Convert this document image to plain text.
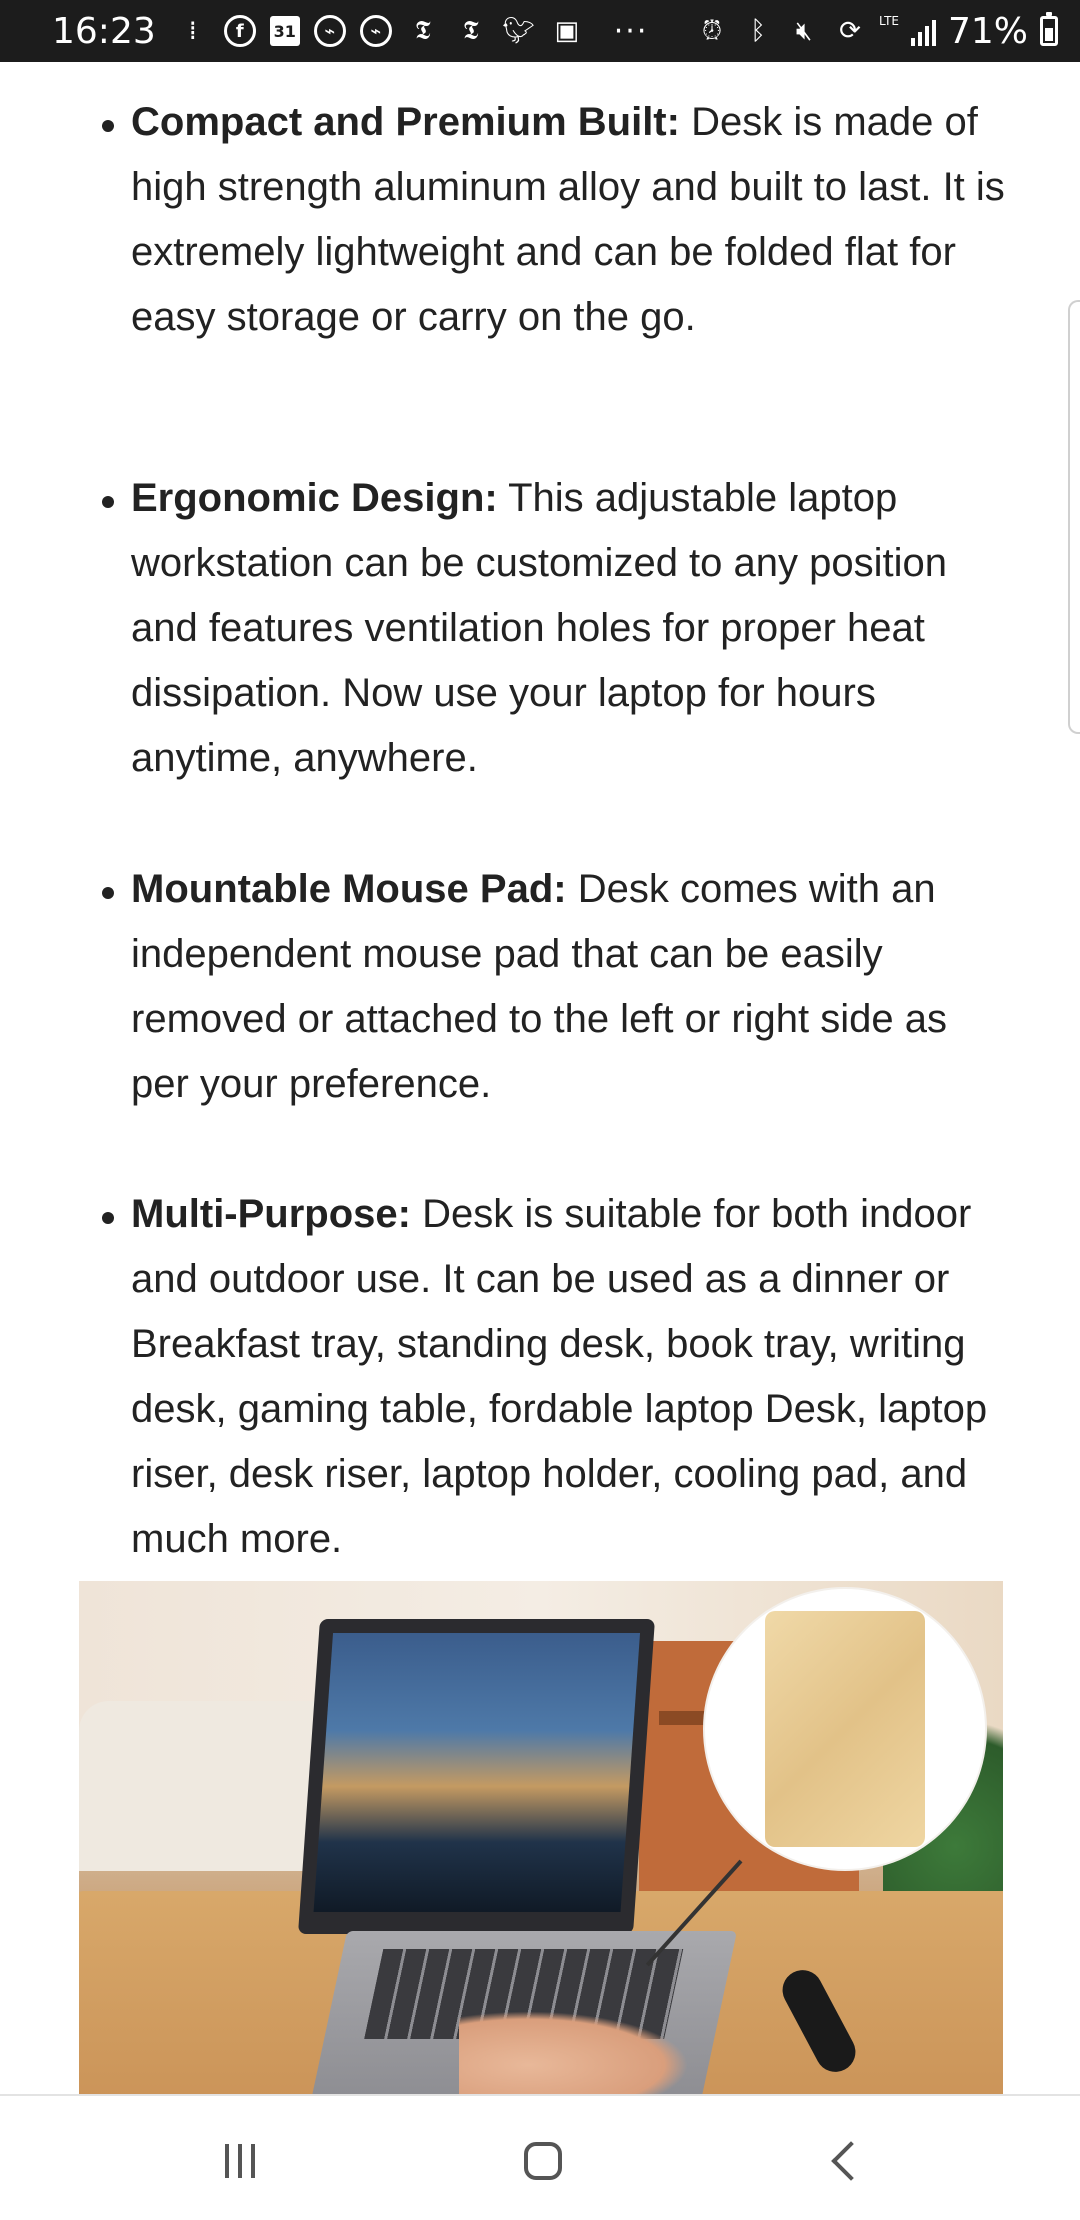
16:23	⁞	f	31	⌁	⌁	𝕿	𝕿 🐦︎ ▣ ··· ⏰︎	ᛒ	🔇︎	⟳	LTE 71%
Compact and Premium Built: Desk is made of high strength aluminum alloy and built to last. It is extremely lightweight and can be folded flat for easy storage or carry on the go.
Ergonomic Design: This adjustable laptop workstation can be customized to any position and features ventilation holes for proper heat dissipation. Now use your laptop for hours anytime, anywhere.
Mountable Mouse Pad: Desk comes with an independent mouse pad that can be easily removed or attached to the left or right side as per your preference.
Multi-Purpose: Desk is suitable for both indoor and outdoor use. It can be used as a dinner or Breakfast tray, standing desk, book tray, writing desk, gaming table, fordable laptop Desk, laptop riser, desk riser, laptop holder, cooling pad, and much more.
